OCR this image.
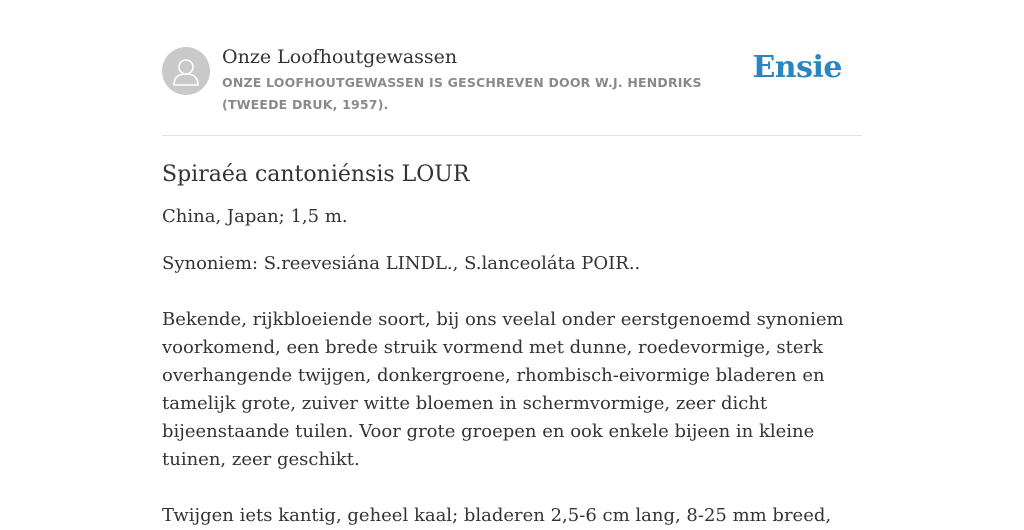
Onze Loofhoutgewassen
ONZE LOOFHOUTGEWASSEN IS GESCHREVEN DOOR W.J. HENDRIKS (TWEEDE DRUK, 1957).
Ensie
Spiraéa cantoniénsis LOUR

China, Japan; 1,5 m.

Synoniem: S.reevesiána LINDL., S.lanceoláta POIR..

Bekende, rijkbloeiende soort, bij ons veelal onder eerstgenoemd synoniem voorkomend, een brede struik vormend met dunne, roedevormige, sterk overhangende twijgen, donkergroene, rhombisch-eivormige bladeren en tamelijk grote, zuiver witte bloemen in schermvormige, zeer dicht bijeenstaande tuilen. Voor grote groepen en ook enkele bijeen in kleine tuinen, zeer geschikt.

Twijgen iets kantig, geheel kaal; bladeren 2,5-6 cm lang, 8-25 mm breed,
